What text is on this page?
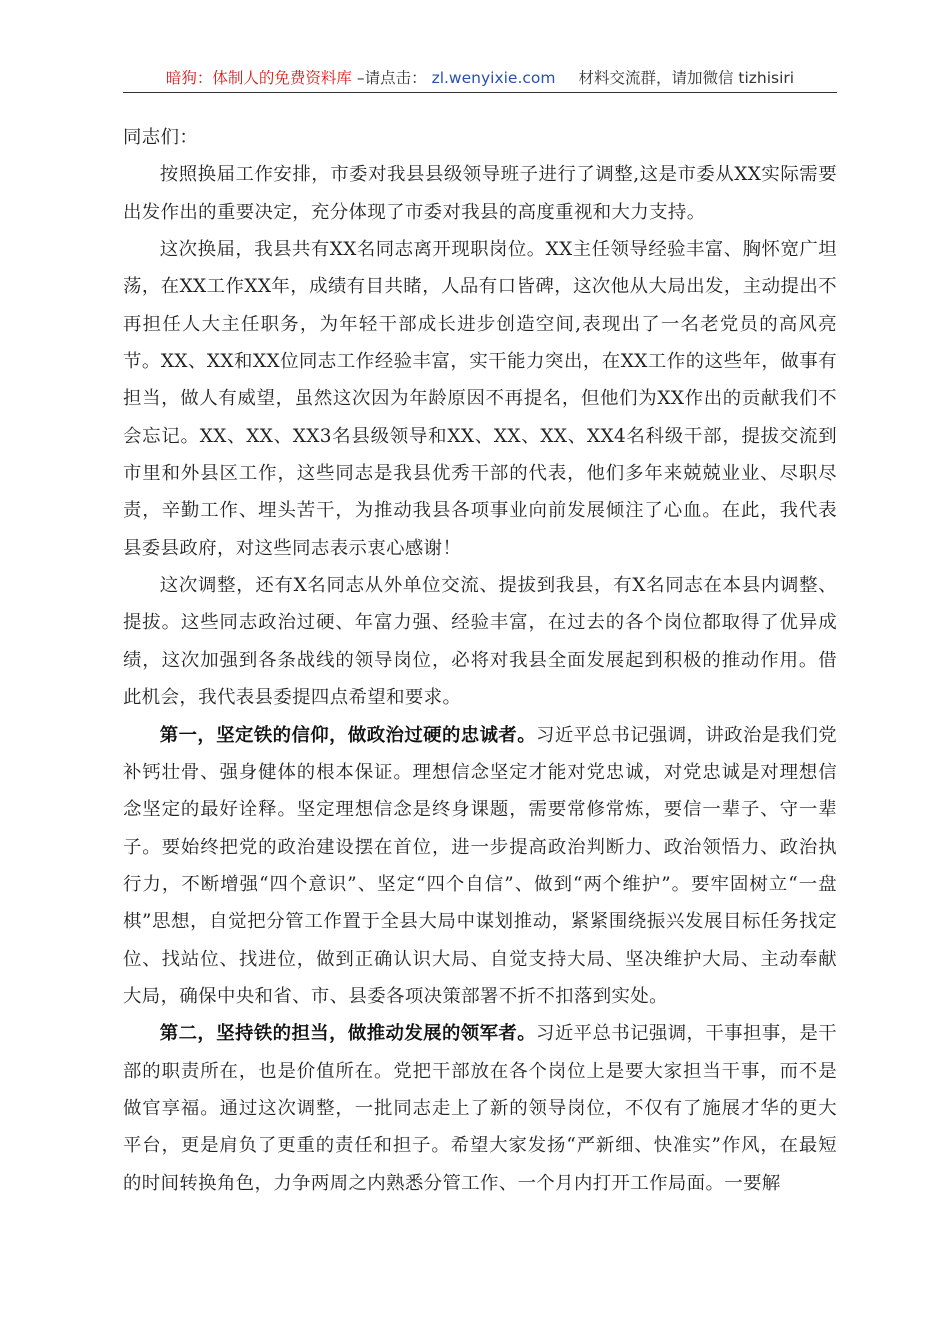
暗狗：体制人的免费资料库 –请点击： zl.wenyixie.com 材料交流群，请加微信 tizhisiri

同志们：

按照换届工作安排，市委对我县县级领导班子进行了调整,这是市委从XX实际需要出发作出的重要决定，充分体现了市委对我县的高度重视和大力支持。

这次换届，我县共有XX名同志离开现职岗位。XX主任领导经验丰富、胸怀宽广坦荡，在XX工作XX年，成绩有目共睹，人品有口皆碑，这次他从大局出发，主动提出不再担任人大主任职务，为年轻干部成长进步创造空间,表现出了一名老党员的高风亮节。XX、XX和XX位同志工作经验丰富，实干能力突出，在XX工作的这些年，做事有担当，做人有威望，虽然这次因为年龄原因不再提名，但他们为XX作出的贡献我们不会忘记。XX、XX、XX3名县级领导和XX、XX、XX、XX4名科级干部，提拔交流到市里和外县区工作，这些同志是我县优秀干部的代表，他们多年来兢兢业业、尽职尽责，辛勤工作、埋头苦干，为推动我县各项事业向前发展倾注了心血。在此，我代表县委县政府，对这些同志表示衷心感谢！

这次调整，还有X名同志从外单位交流、提拔到我县，有X名同志在本县内调整、提拔。这些同志政治过硬、年富力强、经验丰富，在过去的各个岗位都取得了优异成绩，这次加强到各条战线的领导岗位，必将对我县全面发展起到积极的推动作用。借此机会，我代表县委提四点希望和要求。

第一，坚定铁的信仰，做政治过硬的忠诚者。习近平总书记强调，讲政治是我们党补钙壮骨、强身健体的根本保证。理想信念坚定才能对党忠诚，对党忠诚是对理想信念坚定的最好诠释。坚定理想信念是终身课题，需要常修常炼，要信一辈子、守一辈子。要始终把党的政治建设摆在首位，进一步提高政治判断力、政治领悟力、政治执行力，不断增强“四个意识”、坚定“四个自信”、做到“两个维护”。要牢固树立“一盘棋”思想，自觉把分管工作置于全县大局中谋划推动，紧紧围绕振兴发展目标任务找定位、找站位、找进位，做到正确认识大局、自觉支持大局、坚决维护大局、主动奉献大局，确保中央和省、市、县委各项决策部署不折不扣落到实处。

第二，坚持铁的担当，做推动发展的领军者。习近平总书记强调，干事担事，是干部的职责所在，也是价值所在。党把干部放在各个岗位上是要大家担当干事，而不是做官享福。通过这次调整，一批同志走上了新的领导岗位，不仅有了施展才华的更大平台，更是肩负了更重的责任和担子。希望大家发扬“严新细、快准实”作风，在最短的时间转换角色，力争两周之内熟悉分管工作、一个月内打开工作局面。一要解
